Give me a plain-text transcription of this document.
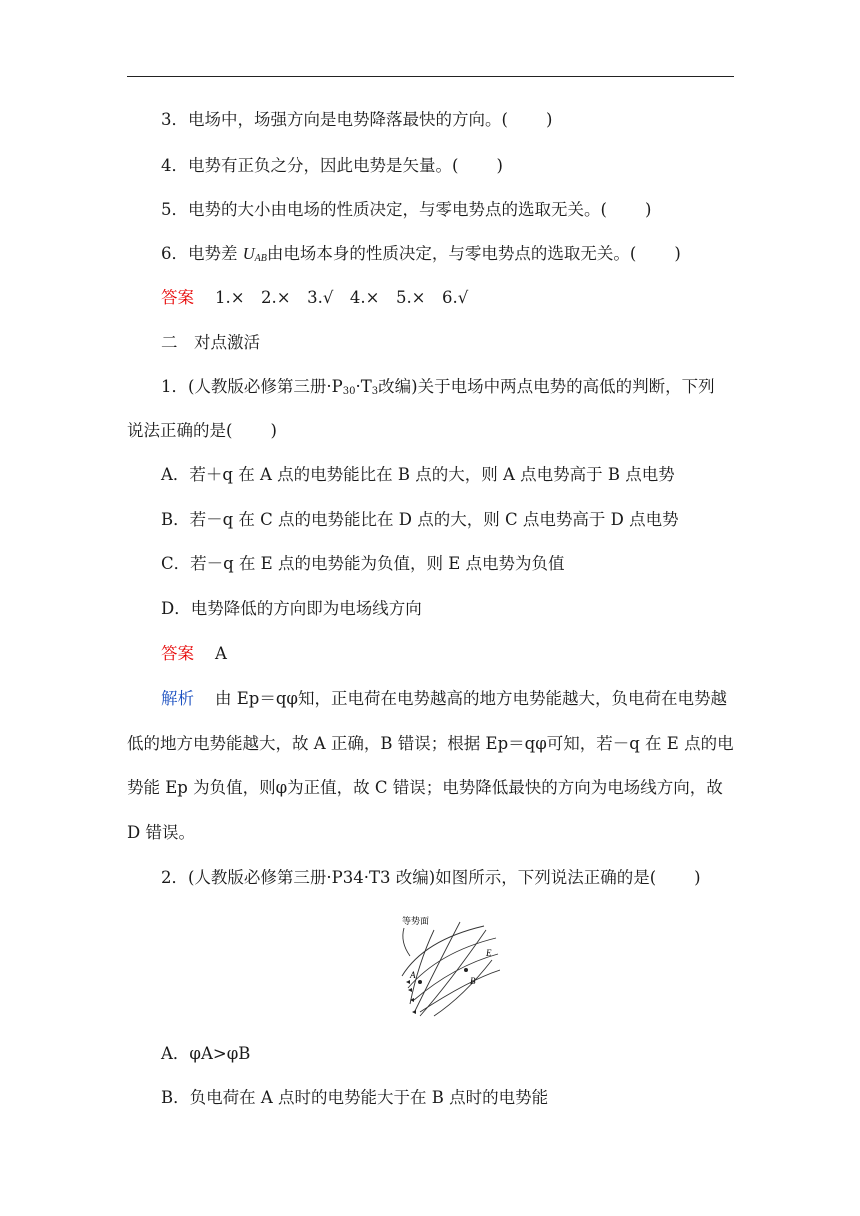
3．电场中，场强方向是电势降落最快的方向。( )
4．电势有正负之分，因此电势是矢量。( )
5．电势的大小由电场的性质决定，与零电势点的选取无关。( )
6．电势差 $U_{AB}$由电场本身的性质决定，与零电势点的选取无关。( )
答案 1.×　2.×　3.√　4.×　5.×　6.√
二　对点激活
1．(人教版必修第三册$\cdot P_{30}\cdot T_3$改编)关于电场中两点电势的高低的判断，下列
说法正确的是( )
A．若＋q 在 A 点的电势能比在 B 点的大，则 A 点电势高于 B 点电势
B．若－q 在 C 点的电势能比在 D 点的大，则 C 点电势高于 D 点电势
C．若－q 在 E 点的电势能为负值，则 E 点电势为负值
D．电势降低的方向即为电场线方向
答案 A
解析 由 Ep＝qφ知，正电荷在电势越高的地方电势能越大，负电荷在电势越
低的地方电势能越大，故 A 正确，B 错误；根据 Ep＝qφ可知，若－q 在 E 点的电
势能 Ep 为负值，则φ为正值，故 C 错误；电势降低最快的方向为电场线方向，故
D 错误。
2．(人教版必修第三册·P34·T3 改编)如图所示，下列说法正确的是( )
等势面
E
A
B
A．φA>φB
B．负电荷在 A 点时的电势能大于在 B 点时的电势能
